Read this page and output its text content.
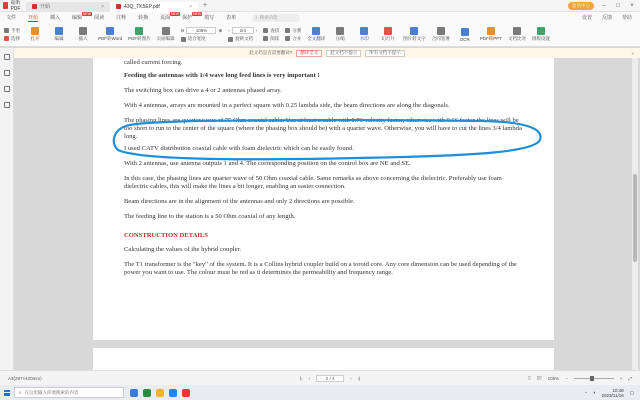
福昕PDF	开始	×	43Q_TK5EP.pdf	×	+	会员中心	–	□	×
文件 开始 插入 编辑
NEW
阅读 注释 转换 页面
NEW
保护
NEW
填写 表单	⌕ 搜索功能	设置 反馈 帮助
手型
选择 打开	编辑	插入 PDF转Word PDF转图片 页面编辑
⊖	105%	⊕
适合宽度
‹	2/4	›
旋转文档
查找
阅读
分割
合并 全文翻译 压缩	水印	幻灯片 图片转文字 合同签署 OCR PDF转PPT 文档比对 排版设置
此文档是否需要翻译?	翻译全文	此文档不提示	所有文档不提示	×

called current forcing.

Feeding the antennas with 1/4 wave long feed lines is very important !

The switching box can drive a 4 or 2 antennas phased array.

With 4 antennas, arrays are mounted in a perfect square with 0.25 lambda side, the beam directions are along the diagonals.

The phasing lines are quarter wave of 75 Ohm coaxial cable. Use at least a cable with 0.76 velocity factor, otherwise with 0.66 factor the lines will be too short to run to the center of the square (where the phasing box should be) with a quarter wave. Otherwise, you will have to cut the lines 3/4 lambda long.

I used CATV distribution coaxial cable with foam dielectric which can be easily found.

With 2 antennas, use antenna outputs 1 and 4. The corresponding position on the control box are NE and SE.

In this case, the phasing lines are quarter wave of 50 Ohm coaxial cable. Same remarks as above concerning the dielectric. Preferably use foam dielectric cables, this will make the lines a bit longer, enabling an easier connection.

Beam directions are in the alignment of the antennas and only 2 directions are possible.

The feeding line to the station is a 50 Ohm coaxial of any length.

CONSTRUCTION DETAILS

Calculating the values of the hybrid coupler.

The T1 transformer is the "key" of the system. It is a Collins hybrid coupler build on a toroid core. Any core dimension can be used depending of the power you want to use. The colour must be red as it determines the permeability and frequency range.

A3(297×420mm)	|‹ ‹	2 / 4	› ›|	▯ ▯▯ 105% −	+ ⤢
⌕ 在这里输入你要搜索的内容	◔ ◖	10:48
2023/11/16
▢
